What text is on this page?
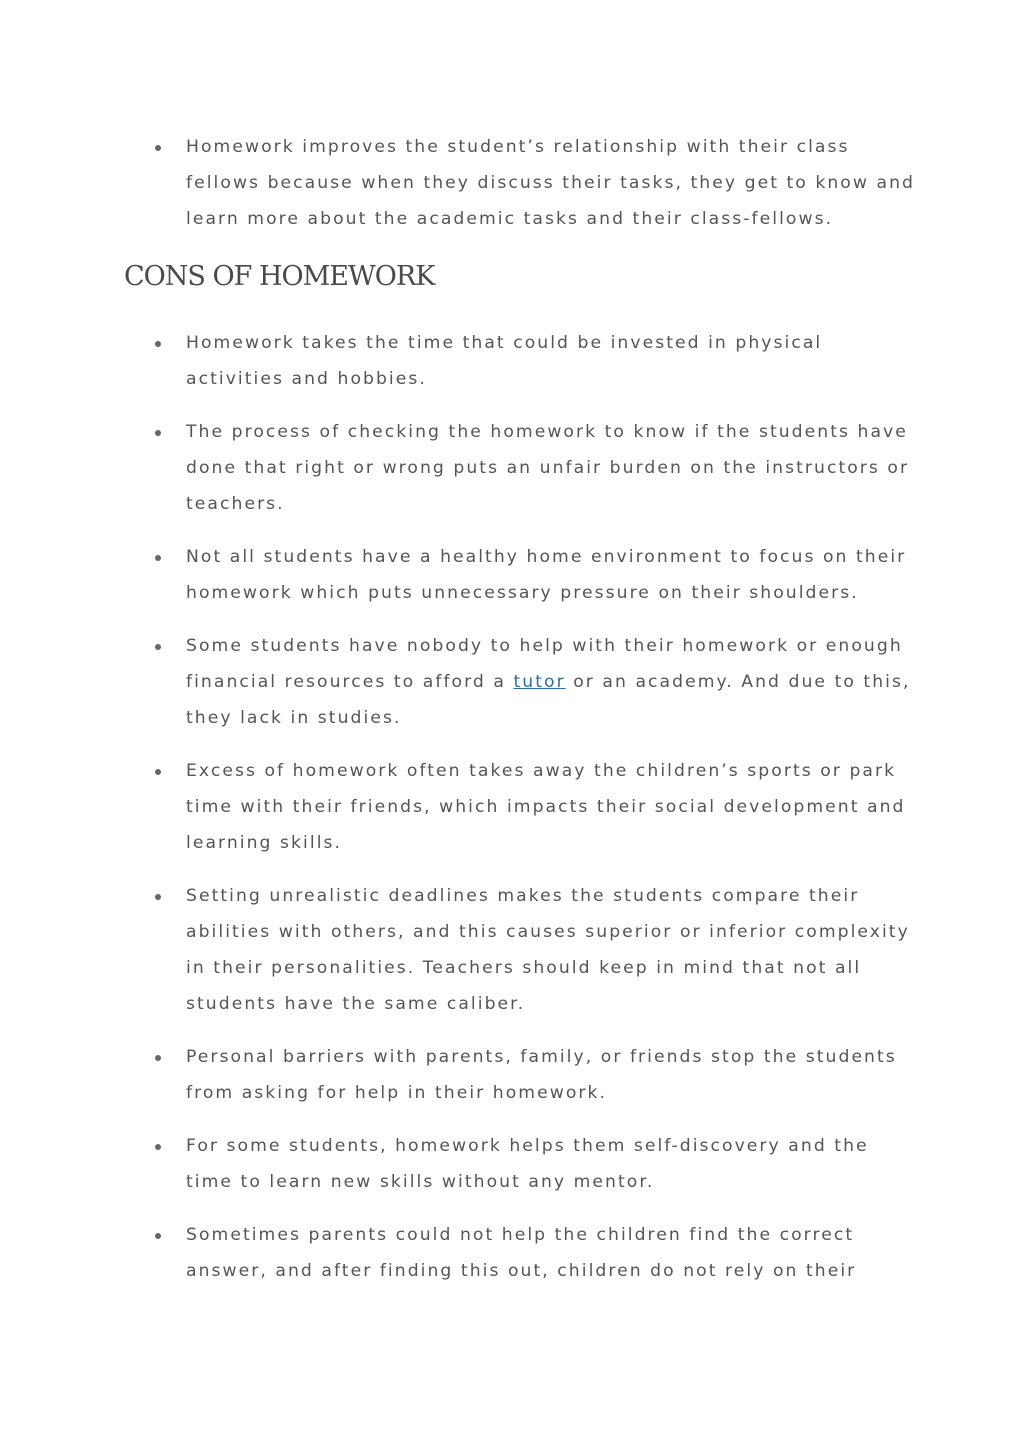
Homework improves the student’s relationship with their class
fellows because when they discuss their tasks, they get to know and
learn more about the academic tasks and their class-fellows.
CONS OF HOMEWORK
Homework takes the time that could be invested in physical
activities and hobbies.
The process of checking the homework to know if the students have
done that right or wrong puts an unfair burden on the instructors or
teachers.
Not all students have a healthy home environment to focus on their
homework which puts unnecessary pressure on their shoulders.
Some students have nobody to help with their homework or enough
financial resources to afford a tutor or an academy. And due to this,
they lack in studies.
Excess of homework often takes away the children’s sports or park
time with their friends, which impacts their social development and
learning skills.
Setting unrealistic deadlines makes the students compare their
abilities with others, and this causes superior or inferior complexity
in their personalities. Teachers should keep in mind that not all
students have the same caliber.
Personal barriers with parents, family, or friends stop the students
from asking for help in their homework.
For some students, homework helps them self-discovery and the
time to learn new skills without any mentor.
Sometimes parents could not help the children find the correct
answer, and after finding this out, children do not rely on their
